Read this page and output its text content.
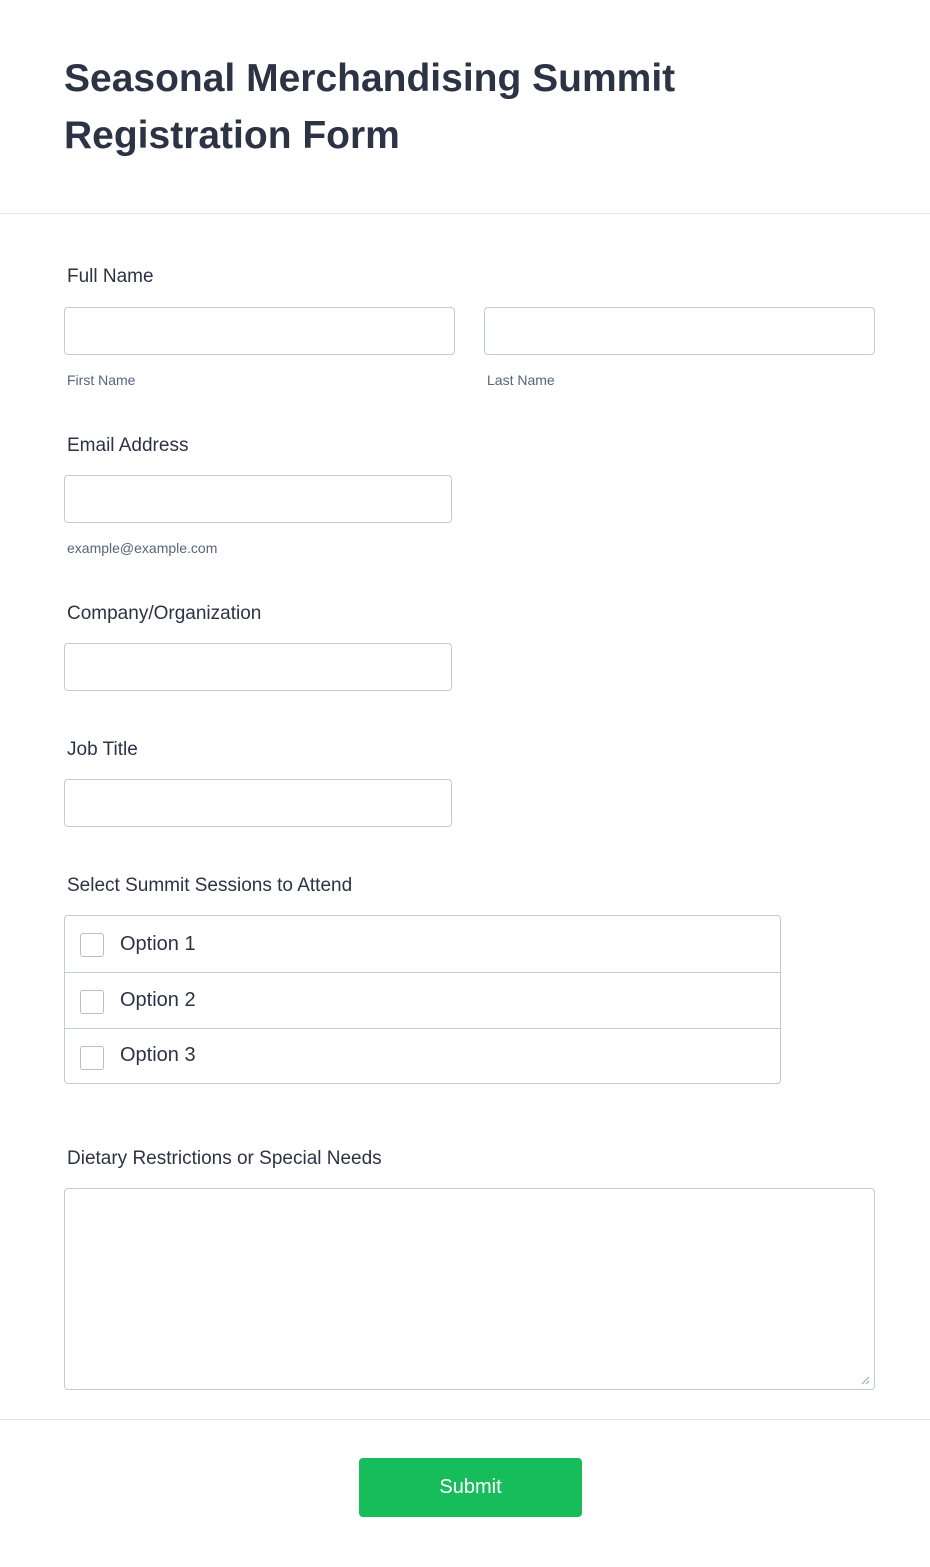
Seasonal Merchandising Summit Registration Form
Full Name
First Name	Last Name
Email Address
example@example.com
Company/Organization
Job Title
Select Summit Sessions to Attend
Option 1
Option 2
Option 3
Dietary Restrictions or Special Needs
Submit
